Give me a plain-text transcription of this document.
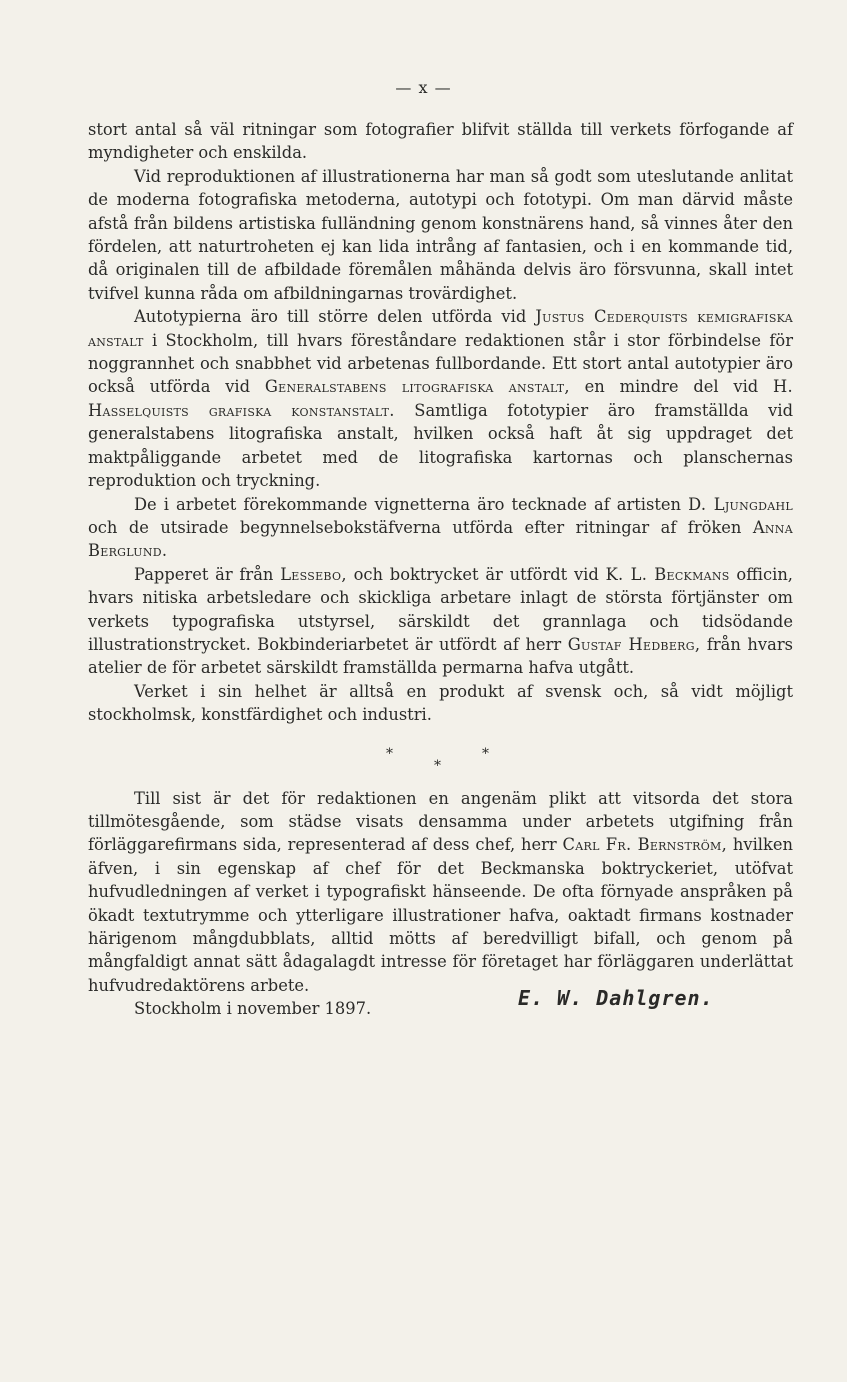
— x —

stort antal så väl ritningar som fotografier blifvit ställda till verkets förfogande af myndigheter och enskilda.

Vid reproduktionen af illustrationerna har man så godt som uteslutande anlitat de moderna fotografiska metoderna, autotypi och fototypi. Om man därvid måste afstå från bildens artistiska fulländning genom konstnärens hand, så vinnes åter den fördelen, att naturtroheten ej kan lida intrång af fantasien, och i en kommande tid, då originalen till de afbildade föremålen måhända delvis äro försvunna, skall intet tvifvel kunna råda om afbildningarnas trovärdighet.

Autotypierna äro till större delen utförda vid Justus Cederquists kemigrafiska anstalt i Stockholm, till hvars föreståndare redaktionen står i stor förbindelse för noggrannhet och snabbhet vid arbetenas fullbordande. Ett stort antal autotypier äro också utförda vid Generalstabens litografiska anstalt, en mindre del vid H. Hasselquists grafiska konstanstalt. Samtliga fototypier äro framställda vid generalstabens litografiska anstalt, hvilken också haft åt sig uppdraget det maktpåliggande arbetet med de litografiska kartornas och planschernas reproduktion och tryckning.

De i arbetet förekommande vignetterna äro tecknade af artisten D. Ljungdahl och de utsirade begynnelsebokstäfverna utförda efter ritningar af fröken Anna Berglund.

Papperet är från Lessebo, och boktrycket är utfördt vid K. L. Beckmans officin, hvars nitiska arbetsledare och skickliga arbetare inlagt de största förtjänster om verkets typografiska utstyrsel, särskildt det grannlaga och tidsödande illustrationstrycket. Bokbinderiarbetet är utfördt af herr Gustaf Hedberg, från hvars atelier de för arbetet särskildt framställda permarna hafva utgått.

Verket i sin helhet är alltså en produkt af svensk och, så vidt möjligt stockholmsk, konstfärdighet och industri.

*
*
*

Till sist är det för redaktionen en angenäm plikt att vitsorda det stora tillmötesgående, som städse visats densamma under arbetets utgifning från förläggarefirmans sida, representerad af dess chef, herr Carl Fr. Bernström, hvilken äfven, i sin egenskap af chef för det Beckmanska boktryckeriet, utöfvat hufvudledningen af verket i typografiskt hänseende. De ofta förnyade anspråken på ökadt textutrymme och ytterligare illustrationer hafva, oaktadt firmans kostnader härigenom mångdubblats, alltid mötts af beredvilligt bifall, och genom på mångfaldigt annat sätt ådagalagdt intresse för företaget har förläggaren underlättat hufvudredaktörens arbete.

Stockholm i november 1897.	E. W. Dahlgren.
